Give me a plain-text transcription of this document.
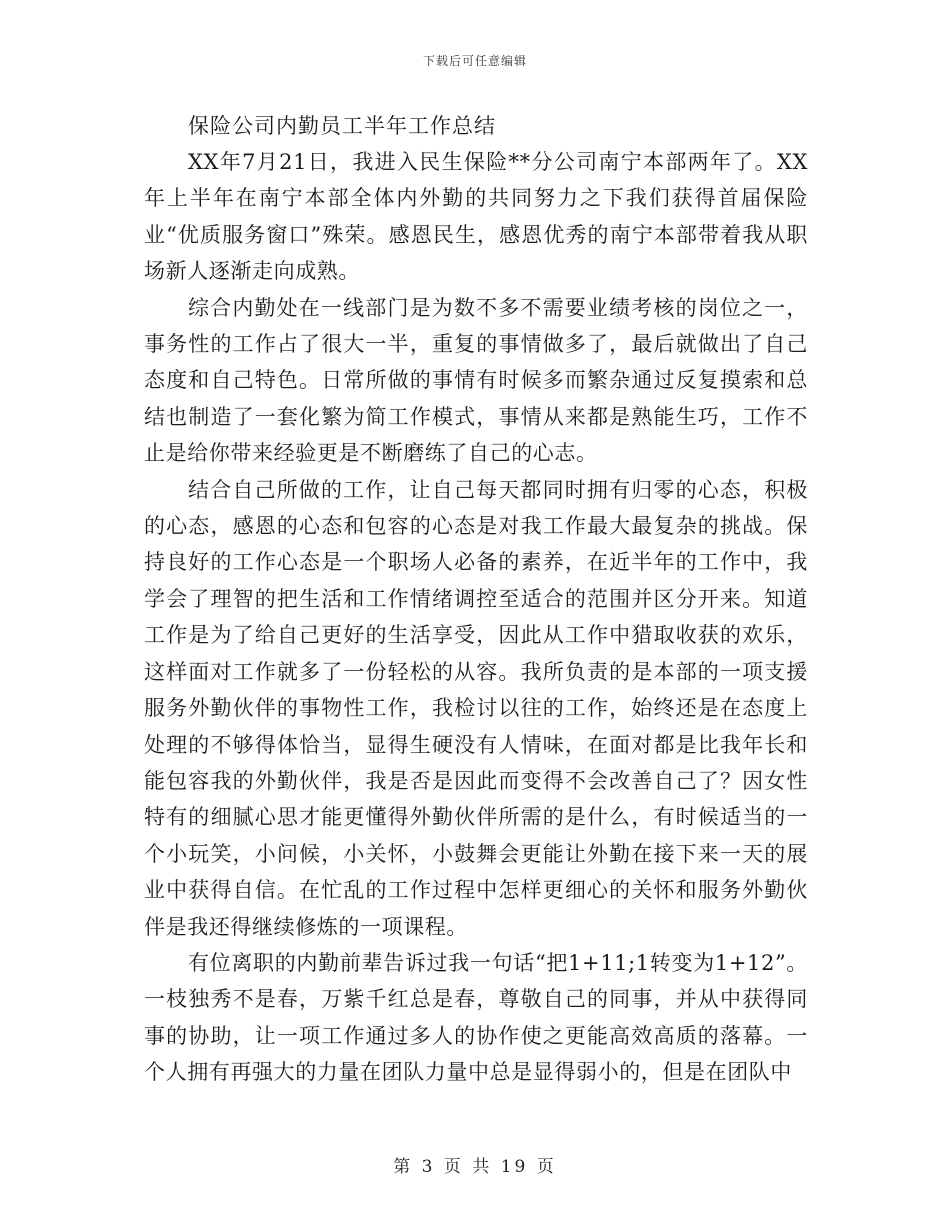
下载后可任意编辑
保险公司内勤员工半年工作总结

XX年7月21日，我进入民生保险**分公司南宁本部两年了。XX年上半年在南宁本部全体内外勤的共同努力之下我们获得首届保险业“优质服务窗口”殊荣。感恩民生，感恩优秀的南宁本部带着我从职场新人逐渐走向成熟。

综合内勤处在一线部门是为数不多不需要业绩考核的岗位之一，事务性的工作占了很大一半，重复的事情做多了，最后就做出了自己态度和自己特色。日常所做的事情有时候多而繁杂通过反复摸索和总结也制造了一套化繁为简工作模式，事情从来都是熟能生巧，工作不止是给你带来经验更是不断磨练了自己的心志。

结合自己所做的工作，让自己每天都同时拥有归零的心态，积极的心态，感恩的心态和包容的心态是对我工作最大最复杂的挑战。保持良好的工作心态是一个职场人必备的素养，在近半年的工作中，我学会了理智的把生活和工作情绪调控至适合的范围并区分开来。知道工作是为了给自己更好的生活享受，因此从工作中猎取收获的欢乐，这样面对工作就多了一份轻松的从容。我所负责的是本部的一项支援服务外勤伙伴的事物性工作，我检讨以往的工作，始终还是在态度上处理的不够得体恰当，显得生硬没有人情味，在面对都是比我年长和能包容我的外勤伙伴，我是否是因此而变得不会改善自己了？因女性特有的细腻心思才能更懂得外勤伙伴所需的是什么，有时候适当的一个小玩笑，小问候，小关怀，小鼓舞会更能让外勤在接下来一天的展业中获得自信。在忙乱的工作过程中怎样更细心的关怀和服务外勤伙伴是我还得继续修炼的一项课程。

有位离职的内勤前辈告诉过我一句话“把1+11;1转变为1+12”。一枝独秀不是春，万紫千红总是春，尊敬自己的同事，并从中获得同事的协助，让一项工作通过多人的协作使之更能高效高质的落幕。一个人拥有再强大的力量在团队力量中总是显得弱小的，但是在团队中

第 3 页 共 19 页
